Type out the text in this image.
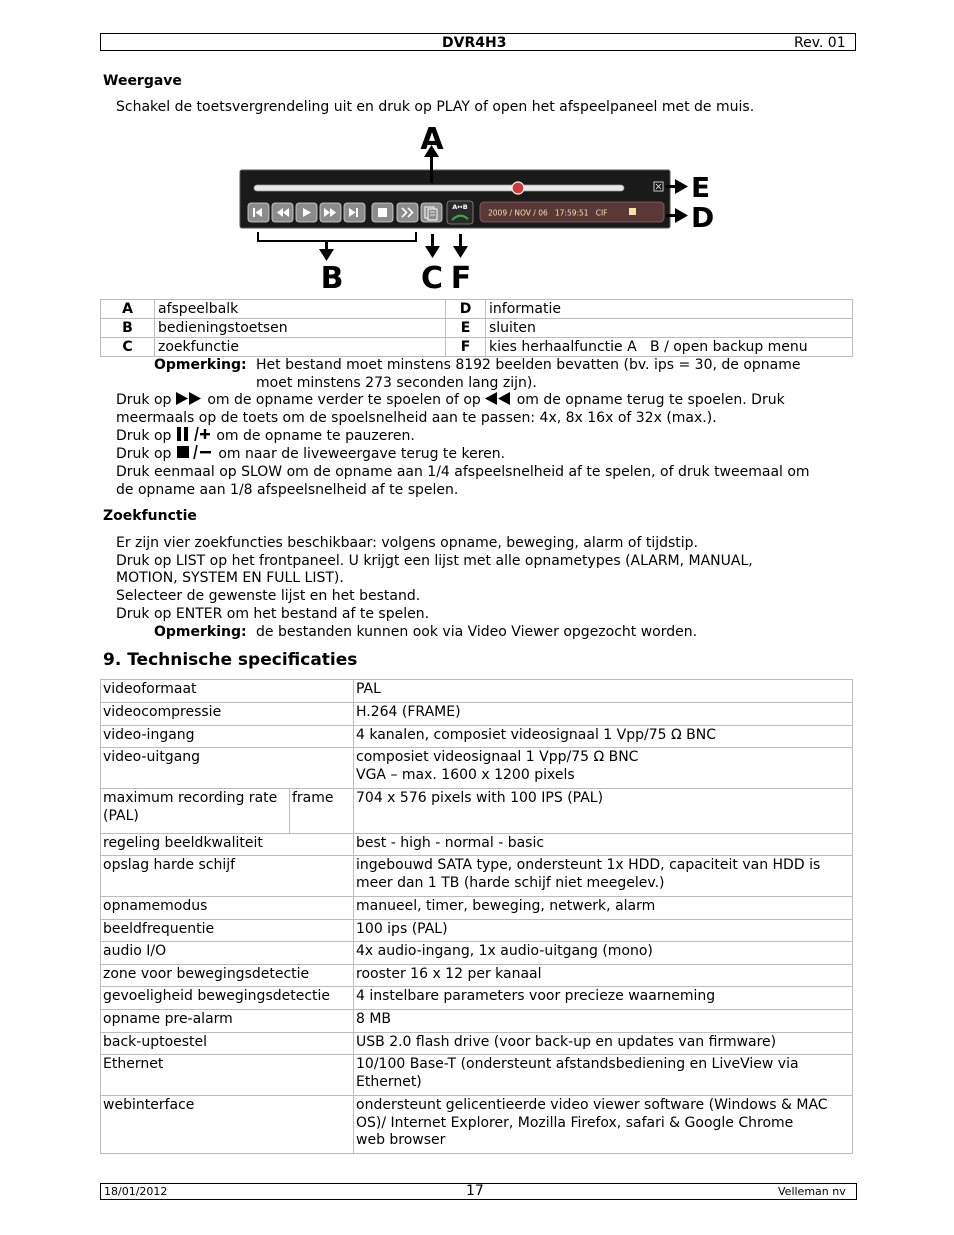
DVR4H3	Rev. 01
Weergave
Schakel de toetsvergrendeling uit en druk op PLAY of open het afspeelpaneel met de muis.
A↔B
2009 / NOV / 06   17:59:51   CIF
A
E
D
B	C F
A	afspeelbalk	D	informatie
B	bedieningstoetsen	E	sluiten
C	zoekfunctie	F	kies herhaalfunctie A   B / open backup menu
Opmerking: Het bestand moet minstens 8192 beelden bevatten (bv. ips = 30, de opname
moet minstens 273 seconden lang zijn).
Druk op	om de opname verder te spoelen of op	om de opname terug te spoelen. Druk
meermaals op de toets om de spoelsnelheid aan te passen: 4x, 8x 16x of 32x (max.).
Druk op	om de opname te pauzeren.
Druk op	om naar de liveweergave terug te keren.
Druk eenmaal op SLOW om de opname aan 1/4 afspeelsnelheid af te spelen, of druk tweemaal om
de opname aan 1/8 afspeelsnelheid af te spelen.
Zoekfunctie
Er zijn vier zoekfuncties beschikbaar: volgens opname, beweging, alarm of tijdstip.
Druk op LIST op het frontpaneel. U krijgt een lijst met alle opnametypes (ALARM, MANUAL,
MOTION, SYSTEM EN FULL LIST).
Selecteer de gewenste lijst en het bestand.
Druk op ENTER om het bestand af te spelen.
Opmerking: de bestanden kunnen ook via Video Viewer opgezocht worden.
9. Technische specificaties
videoformaat		PAL
videocompressie		H.264 (FRAME)
video-ingang		4 kanalen, composiet videosignaal 1 Vpp/75 Ω BNC
video-uitgang		composiet videosignaal 1 Vpp/75 Ω BNC
VGA – max. 1600 x 1200 pixels

maximum recording rate
(PAL)	frame	704 x 576 pixels with 100 IPS (PAL)
regeling beeldkwaliteit		best - high - normal - basic
opslag harde schijf		ingebouwd SATA type, ondersteunt 1x HDD, capaciteit van HDD is
meer dan 1 TB (harde schijf niet meegelev.)

opnamemodus		manueel, timer, beweging, netwerk, alarm
beeldfrequentie		100 ips (PAL)
audio I/O		4x audio-ingang, 1x audio-uitgang (mono)
zone voor bewegingsdetectie		rooster 16 x 12 per kanaal
gevoeligheid bewegingsdetectie		4 instelbare parameters voor precieze waarneming
opname pre-alarm		8 MB
back-uptoestel		USB 2.0 flash drive (voor back-up en updates van firmware)
Ethernet		10/100 Base-T (ondersteunt afstandsbediening en LiveView via
Ethernet)

webinterface		ondersteunt gelicentieerde video viewer software (Windows & MAC
OS)/ Internet Explorer, Mozilla Firefox, safari & Google Chrome
web browser
18/01/2012	17	Velleman nv
